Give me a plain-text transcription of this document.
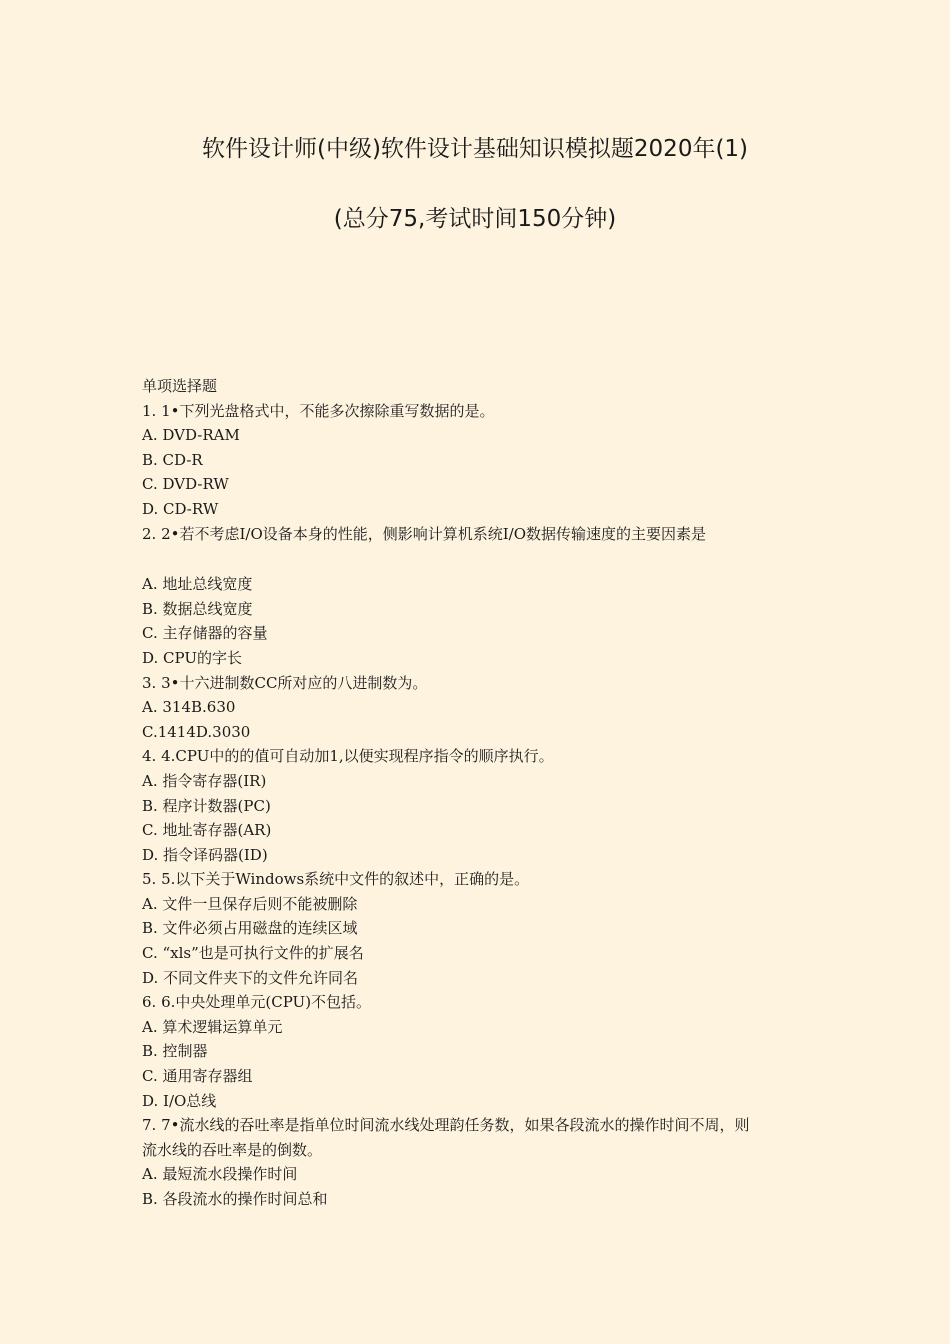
软件设计师(中级)软件设计基础知识模拟题2020年(1)
(总分75,考试时间150分钟)
单项选择题
1. 1•下列光盘格式中，不能多次擦除重写数据的是。
A. DVD-RAM
B. CD-R
C. DVD-RW
D. CD-RW
2. 2•若不考虑I/O设备本身的性能，侧影响计算机系统I/O数据传输速度的主要因素是
A. 地址总线宽度
B. 数据总线宽度
C. 主存储器的容量
D. CPU的字长
3. 3•十六进制数CC所对应的八进制数为。
A. 314B.630
C.1414D.3030
4. 4.CPU中的的值可自动加1,以便实现程序指令的顺序执行。
A. 指令寄存器(IR)
B. 程序计数器(PC)
C. 地址寄存器(AR)
D. 指令译码器(ID)
5. 5.以下关于Windows系统中文件的叙述中，正确的是。
A. 文件一旦保存后则不能被删除
B. 文件必须占用磁盘的连续区域
C. “xls”也是可执行文件的扩展名
D. 不同文件夹下的文件允许同名
6. 6.中央处理单元(CPU)不包括。
A. 算术逻辑运算单元
B. 控制器
C. 通用寄存器组
D. I/O总线
7. 7•流水线的吞吐率是指单位时间流水线处理韵任务数，如果各段流水的操作时间不周，则
流水线的吞吐率是的倒数。
A. 最短流水段操作时间
B. 各段流水的操作时间总和
